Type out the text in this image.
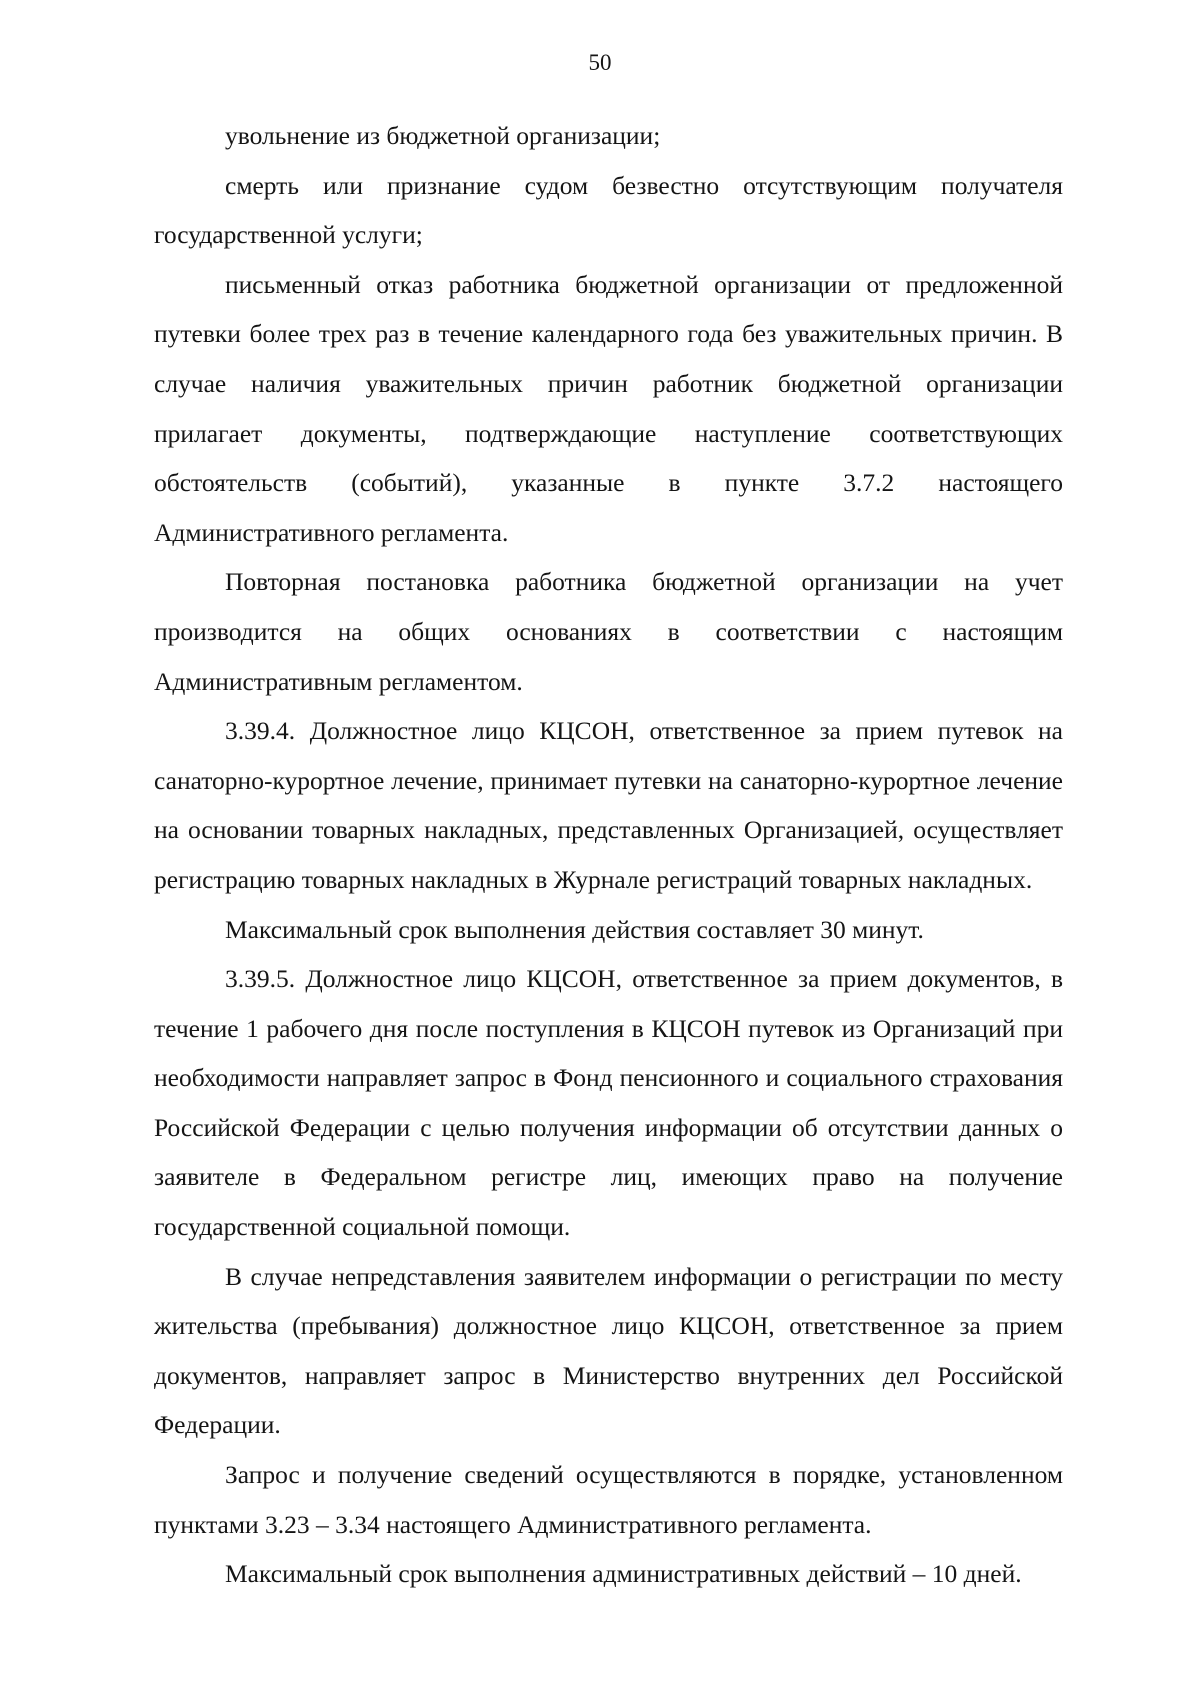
50

увольнение из бюджетной организации;

смерть или признание судом безвестно отсутствующим получателя государственной услуги;

письменный отказ работника бюджетной организации от предложенной путевки более трех раз в течение календарного года без уважительных причин. В случае наличия уважительных причин работник бюджетной организации прилагает документы, подтверждающие наступление соответствующих обстоятельств (событий), указанные в пункте 3.7.2 настоящего Административного регламента.

Повторная постановка работника бюджетной организации на учет производится на общих основаниях в соответствии с настоящим Административным регламентом.

3.39.4. Должностное лицо КЦСОН, ответственное за прием путевок на санаторно-курортное лечение, принимает путевки на санаторно-курортное лечение на основании товарных накладных, представленных Организацией, осуществляет регистрацию товарных накладных в Журнале регистраций товарных накладных.

Максимальный срок выполнения действия составляет 30 минут.

3.39.5. Должностное лицо КЦСОН, ответственное за прием документов, в течение 1 рабочего дня после поступления в КЦСОН путевок из Организаций при необходимости направляет запрос в Фонд пенсионного и социального страхования Российской Федерации с целью получения информации об отсутствии данных о заявителе в Федеральном регистре лиц, имеющих право на получение государственной социальной помощи.

В случае непредставления заявителем информации о регистрации по месту жительства (пребывания) должностное лицо КЦСОН, ответственное за прием документов, направляет запрос в Министерство внутренних дел Российской Федерации.

Запрос и получение сведений осуществляются в порядке, установленном пунктами 3.23 – 3.34 настоящего Административного регламента.

Максимальный срок выполнения административных действий – 10 дней.
